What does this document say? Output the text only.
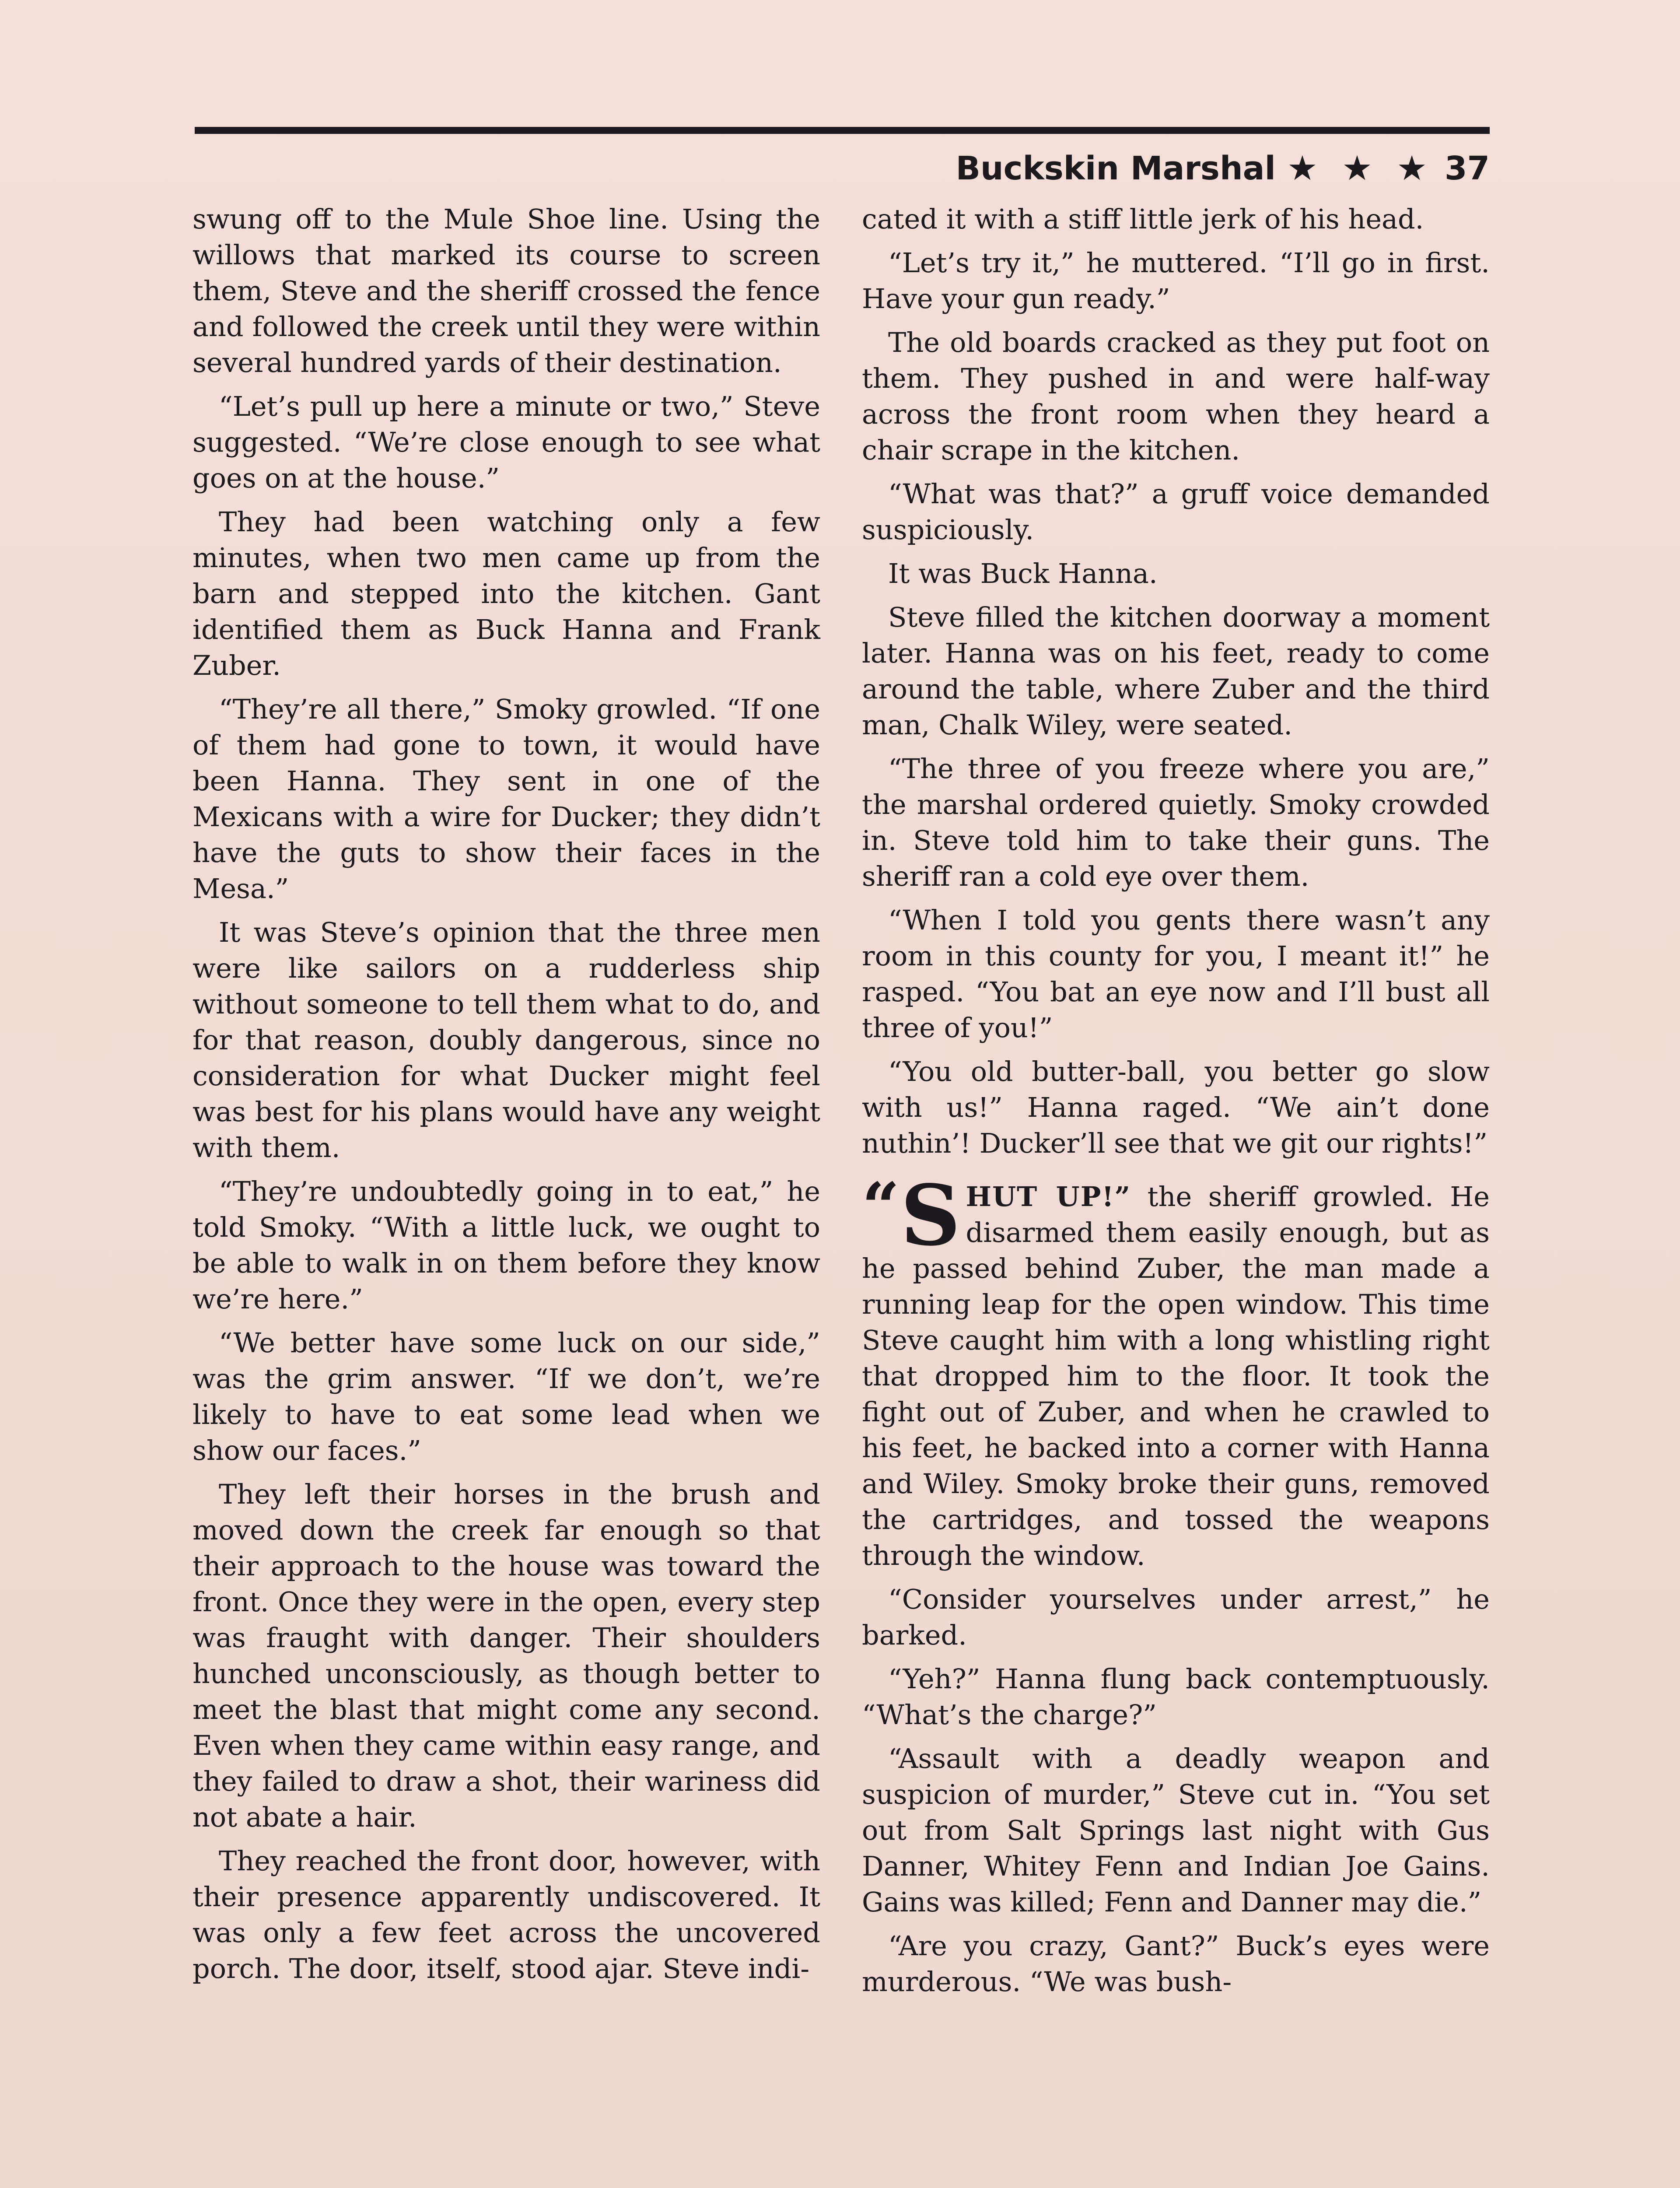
Buckskin Marshal ★ ★ ★ 37

swung off to the Mule Shoe line. Using the willows that marked its course to screen them, Steve and the sheriff crossed the fence and followed the creek until they were within several hundred yards of their destination.

“Let’s pull up here a minute or two,” Steve suggested. “We’re close enough to see what goes on at the house.”

They had been watching only a few minutes, when two men came up from the barn and stepped into the kitchen. Gant identified them as Buck Hanna and Frank Zuber.

“They’re all there,” Smoky growled. “If one of them had gone to town, it would have been Hanna. They sent in one of the Mexicans with a wire for Ducker; they didn’t have the guts to show their faces in the Mesa.”

It was Steve’s opinion that the three men were like sailors on a rudderless ship without someone to tell them what to do, and for that reason, doubly dangerous, since no consideration for what Ducker might feel was best for his plans would have any weight with them.

“They’re undoubtedly going in to eat,” he told Smoky. “With a little luck, we ought to be able to walk in on them before they know we’re here.”

“We better have some luck on our side,” was the grim answer. “If we don’t, we’re likely to have to eat some lead when we show our faces.”

They left their horses in the brush and moved down the creek far enough so that their approach to the house was toward the front. Once they were in the open, every step was fraught with danger. Their shoulders hunched unconsciously, as though better to meet the blast that might come any second. Even when they came within easy range, and they failed to draw a shot, their wariness did not abate a hair.

They reached the front door, however, with their presence apparently undiscovered. It was only a few feet across the uncovered porch. The door, itself, stood ajar. Steve indi-

cated it with a stiff little jerk of his head.

“Let’s try it,” he muttered. “I’ll go in first. Have your gun ready.”

The old boards cracked as they put foot on them. They pushed in and were half-way across the front room when they heard a chair scrape in the kitchen.

“What was that?” a gruff voice demanded suspiciously.

It was Buck Hanna.

Steve filled the kitchen doorway a moment later. Hanna was on his feet, ready to come around the table, where Zuber and the third man, Chalk Wiley, were seated.

“The three of you freeze where you are,” the marshal ordered quietly. Smoky crowded in. Steve told him to take their guns. The sheriff ran a cold eye over them.

“When I told you gents there wasn’t any room in this county for you, I meant it!” he rasped. “You bat an eye now and I’ll bust all three of you!”

“You old butter-ball, you better go slow with us!” Hanna raged. “We ain’t done nuthin’! Ducker’ll see that we git our rights!”

“ S HUT UP!” the sheriff growled. He disarmed them easily enough, but as he passed behind Zuber, the man made a running leap for the open window. This time Steve caught him with a long whistling right that dropped him to the floor. It took the fight out of Zuber, and when he crawled to his feet, he backed into a corner with Hanna and Wiley. Smoky broke their guns, removed the cartridges, and tossed the weapons through the window.

“Consider yourselves under arrest,” he barked.

“Yeh?” Hanna flung back contemptuously. “What’s the charge?”

“Assault with a deadly weapon and suspicion of murder,” Steve cut in. “You set out from Salt Springs last night with Gus Danner, Whitey Fenn and Indian Joe Gains. Gains was killed; Fenn and Danner may die.”

“Are you crazy, Gant?” Buck’s eyes were murderous. “We was bush-
